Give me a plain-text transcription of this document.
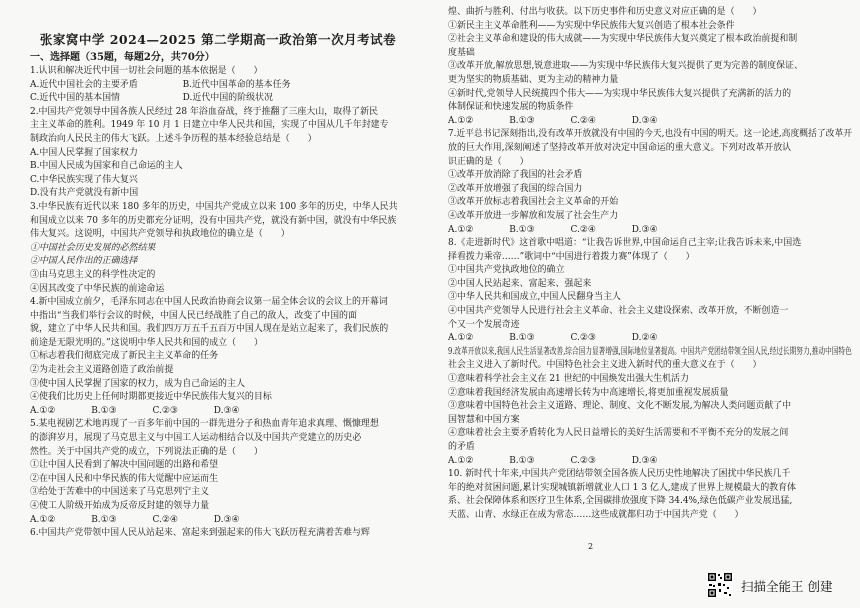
张家窝中学 2024—2025 第二学期高一政治第一次月考试卷
一、选择题（35题，每题2分，共70分）
1.认识和解决近代中国一切社会问题的基本依据是（　　）
A.近代中国社会的主要矛盾　　　　　B.近代中国革命的基本任务
C.近代中国的基本国情　　　　　　　D.近代中国的阶级状况
2.中国共产党领导中国各族人民经过 28 年浴血奋战，终于推翻了三座大山，取得了新民
主主义革命的胜利。1949 年 10 月 1 日建立中华人民共和国，实现了中国从几千年封建专
制政治向人民民主的伟大飞跃。上述斗争历程的基本经验总结是（　　）
A.中国人民掌握了国家权力
B.中国人民成为国家和自己命运的主人
C.中华民族实现了伟大复兴
D.没有共产党就没有新中国
3.中华民族有近代以来 180 多年的历史，中国共产党成立以来 100 多年的历史，中华人民共
和国成立以来 70 多年的历史都充分证明，没有中国共产党，就没有新中国，就没有中华民族
伟大复兴。这说明，中国共产党领导和执政地位的确立是（　　）
①中国社会历史发展的必然结果
②中国人民作出的正确选择
③由马克思主义的科学性决定的
④因其改变了中华民族的前途命运
4.新中国成立前夕，毛泽东同志在中国人民政治协商会议第一届全体会议的会议上的开幕词
中指出“当我们举行会议的时候，中国人民已经战胜了自己的敌人，改变了中国的面
貌，建立了中华人民共和国。我们四万万五千五百万中国人现在是站立起来了，我们民族的
前途是无限光明的。”这说明中华人民共和国的成立（　　）
①标志着我们彻底完成了新民主主义革命的任务
②为走社会主义道路创造了政治前提
③使中国人民掌握了国家的权力，成为自己命运的主人
④使我们比历史上任何时期都更接近中华民族伟大复兴的目标
A.①②　　　　B.①③　　　　C.②③　　　　D.③④
5.某电视剧艺术地再现了一百多年前中国的一群先进分子和热血青年追求真理、慨慷理想
的澎湃岁月，展现了马克思主义与中国工人运动相结合以及中国共产党建立的历史必
然性。关于中国共产党的成立，下列说法正确的是（　　）
①让中国人民看到了解决中国问题的出路和希望
②在中国人民和中华民族的伟大觉醒中应运而生
③给处于苦难中的中国送来了马克思列宁主义
④使工人阶级开始成为反帝反封建的领导力量
A.①②　　　　B.①③　　　　C.②④　　　　D.③④
6.中国共产党带领中国人民从站起来、富起来到强起来的伟大飞跃历程充满着苦难与辉
煌、曲折与胜利、付出与收获。以下历史事件和历史意义对应正确的是（　　）
①新民主主义革命胜利——为实现中华民族伟大复兴创造了根本社会条件
②社会主义革命和建设的伟大成就——为实现中华民族伟大复兴奠定了根本政治前提和制
度基础
③改革开放,解放思想,锐意进取——为实现中华民族伟大复兴提供了更为完善的制度保证、
更为坚实的物质基础、更为主动的精神力量
④新时代,党领导人民统揽四个伟大——为实现中华民族伟大复兴提供了充满新的活力的
体制保证和快速发展的物质条件
A.①②　　　　B.①③　　　　C.②④　　　　D.③④
7.近平总书记深刻指出,没有改革开放就没有中国的今天,也没有中国的明天。这一论述,高度概括了改革开
放的巨大作用,深刻阐述了坚持改革开放对决定中国命运的重大意义。下列对改革开放认
识正确的是（　　）
①改革开放消除了我国的社会矛盾
②改革开放增强了我国的综合国力
③改革开放标志着我国社会主义革命的开始
④改革开放进一步解放和发展了社会生产力
A.①②　　　　B.①③　　　　C.②④　　　　D.③④
8.《走进新时代》这首歌中唱道：“让我告诉世界,中国命运自己主宰;让我告诉未来,中国选
择看拨力乘帝……”歌词中“中国进行着拨力赛”体现了（　　）
①中国共产党执政地位的确立
②中国人民站起来、富起来、强起来
③中华人民共和国成立,中国人民翻身当主人
④中国共产党领导人民进行社会主义革命、社会主义建设探索、改革开放，不断创造一
个又一个发展奇迹
A.①②　　　　B.①③　　　　C.②③　　　　D.②④
9.改革开放以来,我国人民生活显著改善,综合国力显著增强,国际地位显著提高。中国共产党团结带领全国人民,经过长期努力,推动中国特色
社会主义进入了新时代。中国特色社会主义进入新时代的重大意义在于（　　）
①意味着科学社会主义在 21 世纪的中国焕发出强大生机活力
②意味着我国经济发展由高速增长转为中高速增长,将更加重视发展质量
③意味着中国特色社会主义道路、理论、制度、文化不断发展,为解决人类问题贡献了中
国智慧和中国方案
④意味着社会主要矛盾转化为人民日益增长的美好生活需要和不平衡不充分的发展之间
的矛盾
A.①②　　　　B.①③　　　　C.②③　　　　D.③④
10. 新时代十年来,中国共产党团结带领全国各族人民历史性地解决了困扰中华民族几千
年的绝对贫困问题,累计实现城镇新增就业人口 1 3 亿人,建成了世界上规模最大的教育体
系、社会保障体系和医疗卫生体系,全国碳排放强度下降 34.4%,绿色低碳产业发展迅猛,
天蓝、山青、水绿正在成为常态……这些成就都归功于中国共产党（　　）
2
扫描全能王 创建
